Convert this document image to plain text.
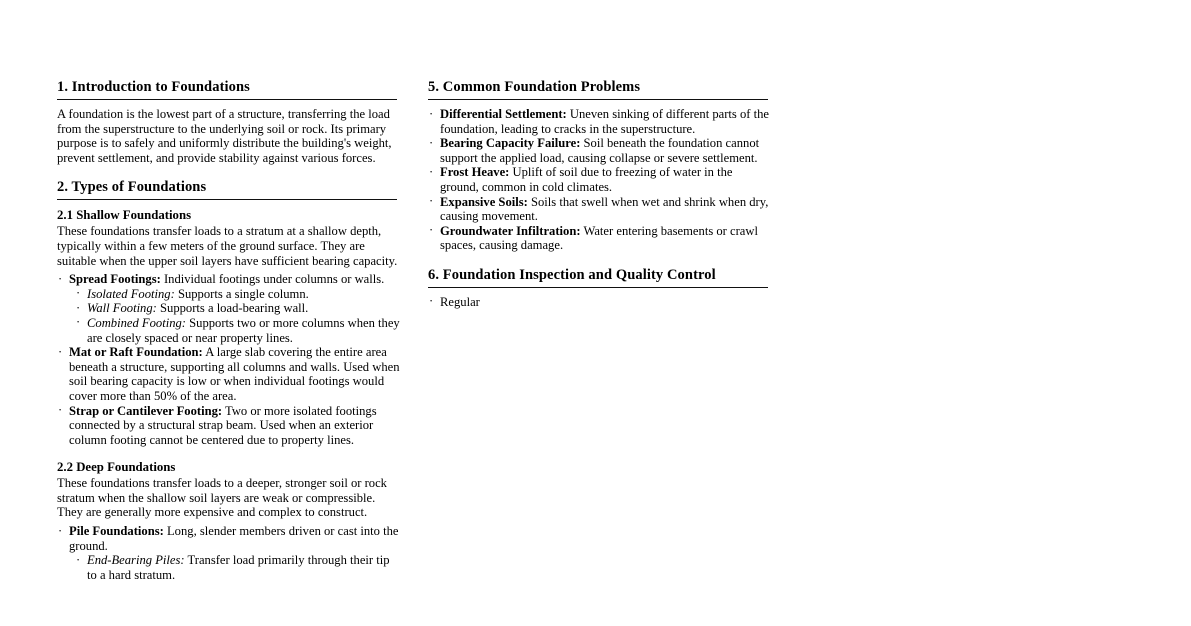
1. Introduction to Foundations

A foundation is the lowest part of a structure, transferring the load from the superstructure to the underlying soil or rock. Its primary purpose is to safely and uniformly distribute the building's weight, prevent settlement, and provide stability against various forces.

2. Types of Foundations
2.1 Shallow Foundations

These foundations transfer loads to a stratum at a shallow depth, typically within a few meters of the ground surface. They are suitable when the upper soil layers have sufficient bearing capacity.

· Spread Footings: Individual footings under columns or walls.
· Isolated Footing: Supports a single column.
· Wall Footing: Supports a load-bearing wall.
· Combined Footing: Supports two or more columns when they are closely spaced or near property lines.
· Mat or Raft Foundation: A large slab covering the entire area beneath a structure, supporting all columns and walls. Used when soil bearing capacity is low or when individual footings would cover more than 50% of the area.
· Strap or Cantilever Footing: Two or more isolated footings connected by a structural strap beam. Used when an exterior column footing cannot be centered due to property lines.
2.2 Deep Foundations

These foundations transfer loads to a deeper, stronger soil or rock stratum when the shallow soil layers are weak or compressible. They are generally more expensive and complex to construct.

· Pile Foundations: Long, slender members driven or cast into the ground.
· End-Bearing Piles: Transfer load primarily through their tip to a hard stratum.
5. Common Foundation Problems
· Differential Settlement: Uneven sinking of different parts of the foundation, leading to cracks in the superstructure.
· Bearing Capacity Failure: Soil beneath the foundation cannot support the applied load, causing collapse or severe settlement.
· Frost Heave: Uplift of soil due to freezing of water in the ground, common in cold climates.
· Expansive Soils: Soils that swell when wet and shrink when dry, causing movement.
· Groundwater Infiltration: Water entering basements or crawl spaces, causing damage.
6. Foundation Inspection and Quality Control
· Regular
